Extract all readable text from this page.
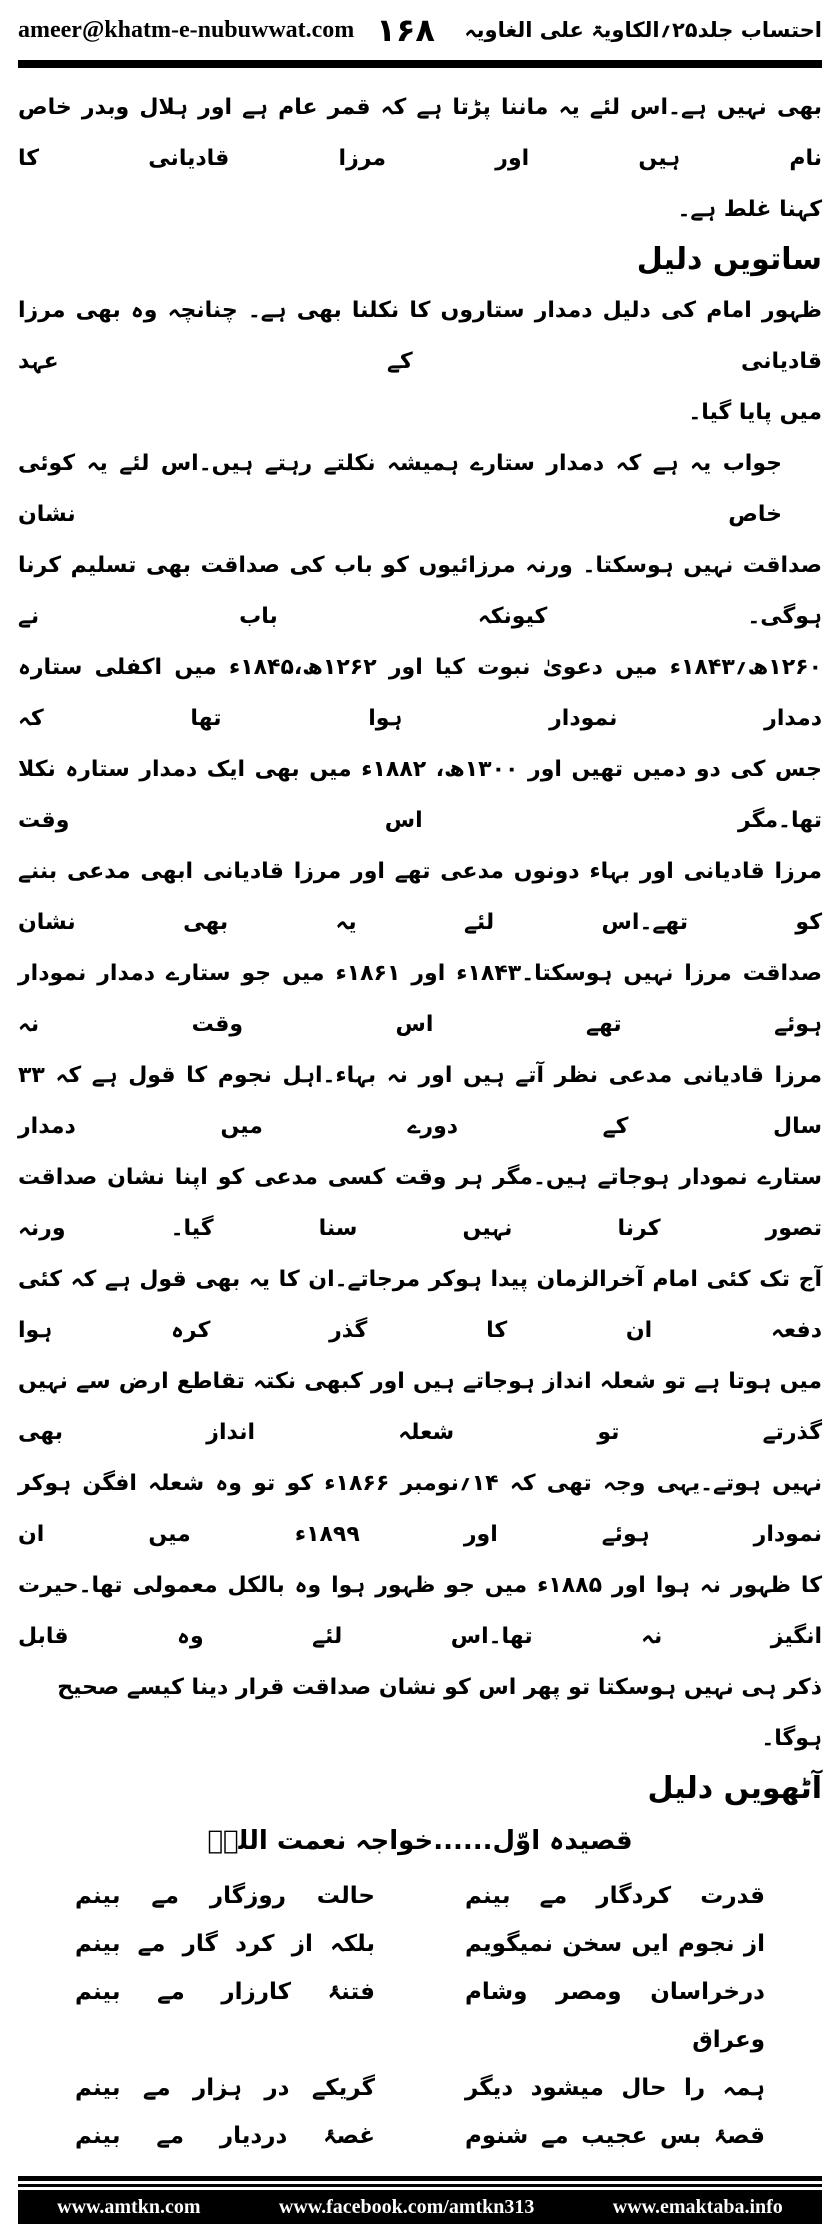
ameer@khatm-e-nubuwwat.com ۱۶۸ احتساب جلد۲۵؍الکاویۃ علی الغاویہ
بھی نہیں ہے۔اس لئے یہ ماننا پڑتا ہے کہ قمر عام ہے اور ہلال وبدر خاص نام ہیں اور مرزا قادیانی کا
کہنا غلط ہے۔
ساتویں دلیل
ظہور امام کی دلیل دمدار ستاروں کا نکلنا بھی ہے۔ چنانچہ وہ بھی مرزا قادیانی کے عہد
میں پایا گیا۔
جواب یہ ہے کہ دمدار ستارے ہمیشہ نکلتے رہتے ہیں۔اس لئے یہ کوئی خاص نشان
صداقت نہیں ہوسکتا۔ ورنہ مرزائیوں کو باب کی صداقت بھی تسلیم کرنا ہوگی۔ کیونکہ باب نے
۱۲۶۰ھ؍۱۸۴۳ء میں دعویٰ نبوت کیا اور ۱۲۶۲ھ،۱۸۴۵ء میں اکفلی ستارہ دمدار نمودار ہوا تھا کہ
جس کی دو دمیں تھیں اور ۱۳۰۰ھ، ۱۸۸۲ء میں بھی ایک دمدار ستارہ نکلا تھا۔مگر اس وقت
مرزا قادیانی اور بہاء دونوں مدعی تھے اور مرزا قادیانی ابھی مدعی بننے کو تھے۔اس لئے یہ بھی نشان
صداقت مرزا نہیں ہوسکتا۔۱۸۴۳ء اور ۱۸۶۱ء میں جو ستارے دمدار نمودار ہوئے تھے اس وقت نہ
مرزا قادیانی مدعی نظر آتے ہیں اور نہ بہاء۔اہل نجوم کا قول ہے کہ ۳۳ سال کے دورے میں دمدار
ستارے نمودار ہوجاتے ہیں۔مگر ہر وقت کسی مدعی کو اپنا نشان صداقت تصور کرنا نہیں سنا گیا۔ ورنہ
آج تک کئی امام آخرالزمان پیدا ہوکر مرجاتے۔ان کا یہ بھی قول ہے کہ کئی دفعہ ان کا گذر کرہ ہوا
میں ہوتا ہے تو شعلہ انداز ہوجاتے ہیں اور کبھی نکتہ تقاطع ارض سے نہیں گذرتے تو شعلہ انداز بھی
نہیں ہوتے۔یہی وجہ تھی کہ ۱۴؍نومبر ۱۸۶۶ء کو تو وہ شعلہ افگن ہوکر نمودار ہوئے اور ۱۸۹۹ء میں ان
کا ظہور نہ ہوا اور ۱۸۸۵ء میں جو ظہور ہوا وہ بالکل معمولی تھا۔حیرت انگیز نہ تھا۔اس لئے وہ قابل
ذکر ہی نہیں ہوسکتا تو پھر اس کو نشان صداقت قرار دینا کیسے صحیح ہوگا۔
آٹھویں دلیل
قصیدہ اوّل......خواجہ نعمت اللہؒ
قدرت کردگار مے بینم
حالت روزگار مے بینم
از نجوم ایں سخن نمیگویم
بلکہ از کرد گار مے بینم
درخراسان ومصر وشام وعراق
فتنۂ کارزار مے بینم
ہمہ را حال میشود دیگر
گریکے در ہزار مے بینم
قصۂ بس عجیب مے شنوم
غصۂ دردیار مے بینم
www.amtkn.com	www.facebook.com/amtkn313	www.emaktaba.info
